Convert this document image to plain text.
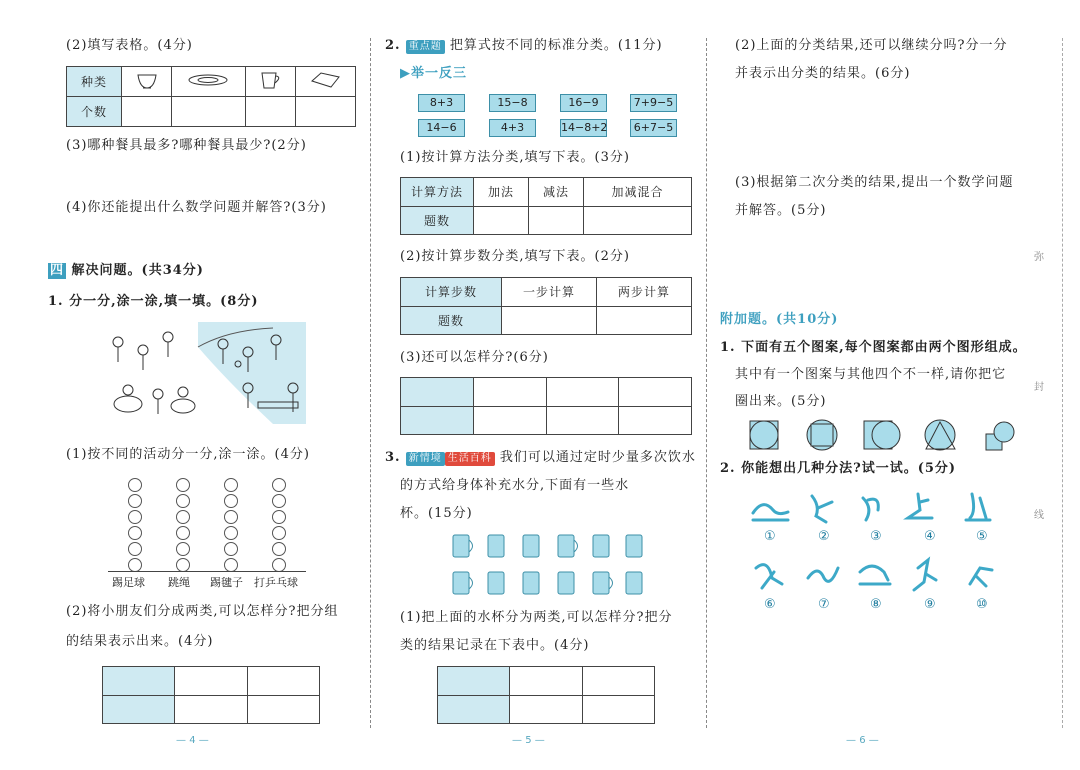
(2)填写表格。(4分)
种类				
个数				
(3)哪种餐具最多?哪种餐具最少?(2分)
(4)你还能提出什么数学问题并解答?(3分)
四 解决问题。(共34分)
1. 分一分,涂一涂,填一填。(8分)
(1)按不同的活动分一分,涂一涂。(4分)
踢足球 跳绳 踢毽子 打乒乓球
(2)将小朋友们分成两类,可以怎样分?把分组
的结果表示出来。(4分)

— 4 —
2. 重点题 把算式按不同的标准分类。(11分)
▶举一反三
8+3	15−8	16−9	7+9−5
14−6	4+3	14−8+2	6+7−5
(1)按计算方法分类,填写下表。(3分)
计算方法	加法	减法	加减混合
题数			
(2)按计算步数分类,填写下表。(2分)
计算步数	一步计算	两步计算
题数		
(3)还可以怎样分?(6分)

3. 新情境 生活百科 我们可以通过定时少量多次饮水
的方式给身体补充水分,下面有一些水
杯。(15分)
(1)把上面的水杯分为两类,可以怎样分?把分
类的结果记录在下表中。(4分)

— 5 —
(2)上面的分类结果,还可以继续分吗?分一分
并表示出分类的结果。(6分)
(3)根据第二次分类的结果,提出一个数学问题
并解答。(5分)
附加题。(共10分)
1. 下面有五个图案,每个图案都由两个图形组成。
其中有一个图案与其他四个不一样,请你把它
圈出来。(5分)
2. 你能想出几种分法?试一试。(5分)
①	②	③	④	⑤
⑥	⑦	⑧	⑨	⑩
弥
封
线
— 6 —
